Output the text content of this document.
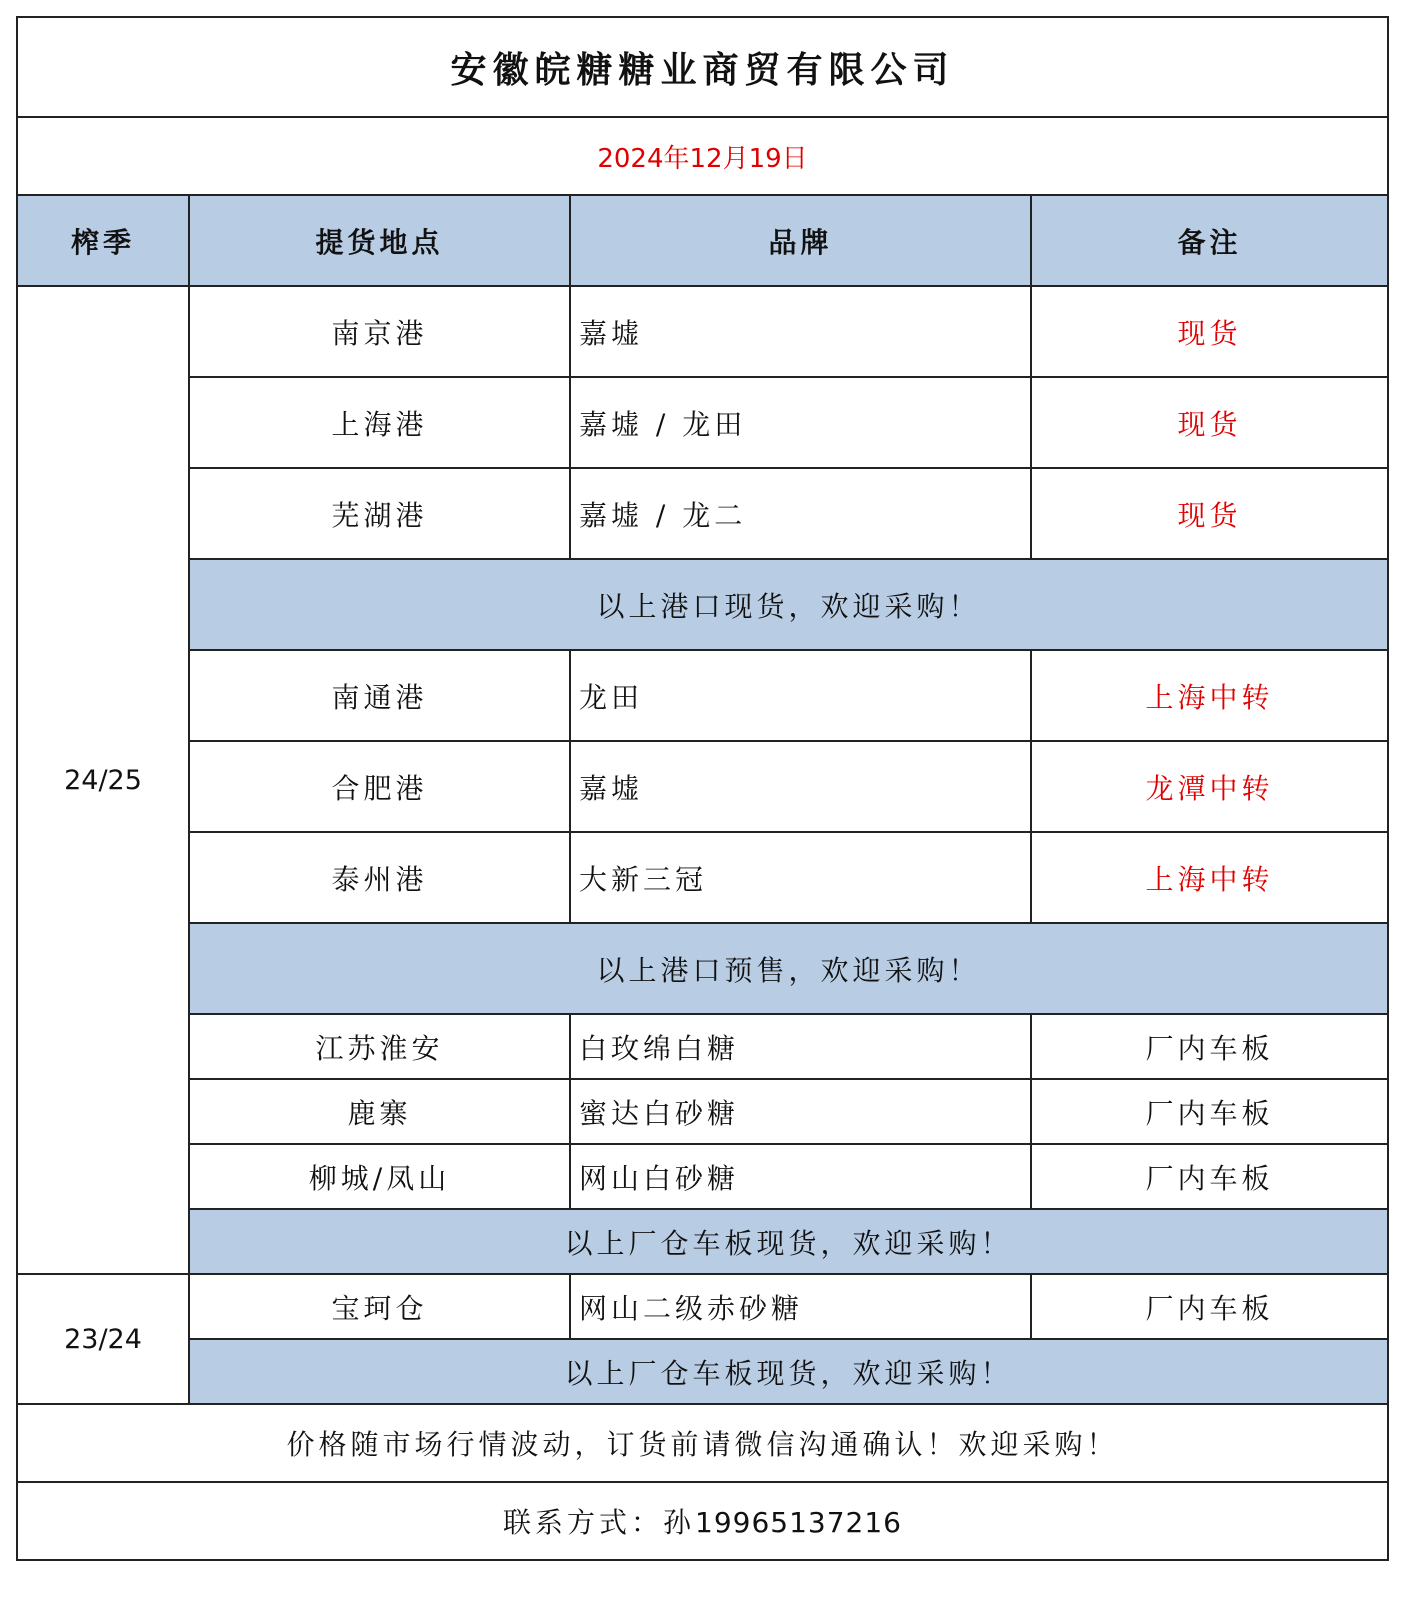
安徽皖糖糖业商贸有限公司			
2024年12月19日			
榨季	提货地点	品牌	备注
24/25	南京港	嘉墟	现货
	上海港	嘉墟 / 龙田	现货
	芜湖港	嘉墟 / 龙二	现货
	以上港口现货，欢迎采购！		
	南通港	龙田	上海中转
	合肥港	嘉墟	龙潭中转
	泰州港	大新三冠	上海中转
	以上港口预售，欢迎采购！		
	江苏淮安	白玫绵白糖	厂内车板
	鹿寨	蜜达白砂糖	厂内车板
	柳城/凤山	网山白砂糖	厂内车板
	以上厂仓车板现货，欢迎采购！		
23/24	宝珂仓	网山二级赤砂糖	厂内车板
	以上厂仓车板现货，欢迎采购！		
价格随市场行情波动，订货前请微信沟通确认！欢迎采购！			
联系方式：孙19965137216			
